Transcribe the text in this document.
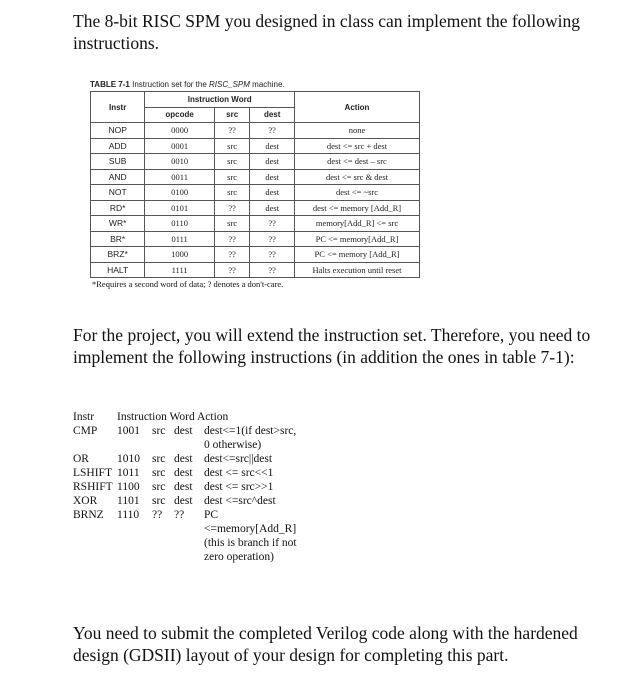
The 8-bit RISC SPM you designed in class can implement the following instructions.

TABLE 7-1 Instruction set for the RISC_SPM machine.

Instr	Instruction Word			Action
	opcode	src	dest	
NOP	0000	??	??	none
ADD	0001	src	dest	dest <= src + dest
SUB	0010	src	dest	dest <= dest – src
AND	0011	src	dest	dest <= src & dest
NOT	0100	src	dest	dest <= ~src
RD*	0101	??	dest	dest <= memory [Add_R]
WR*	0110	src	??	memory[Add_R] <= src
BR*	0111	??	??	PC <= memory[Add_R]
BRZ*	1000	??	??	PC <= memory [Add_R]
HALT	1111	??	??	Halts execution until reset

*Requires a second word of data; ? denotes a don't-care.

For the project, you will extend the instruction set. Therefore, you need to implement the following instructions (in addition the ones in table 7-1):

Instr Instruction Word Action
CMP 1001 src dest dest<=1(if dest>src,
0 otherwise)
OR 1010 src dest dest<=src||dest
LSHIFT 1011 src dest dest <= src<<1
RSHIFT 1100 src dest dest <= src>>1
XOR 1101 src dest dest <=src^dest
BRNZ 1110 ?? ?? PC
<=memory[Add_R]
(this is branch if not
zero operation)

You need to submit the completed Verilog code along with the hardened design (GDSII) layout of your design for completing this part.
